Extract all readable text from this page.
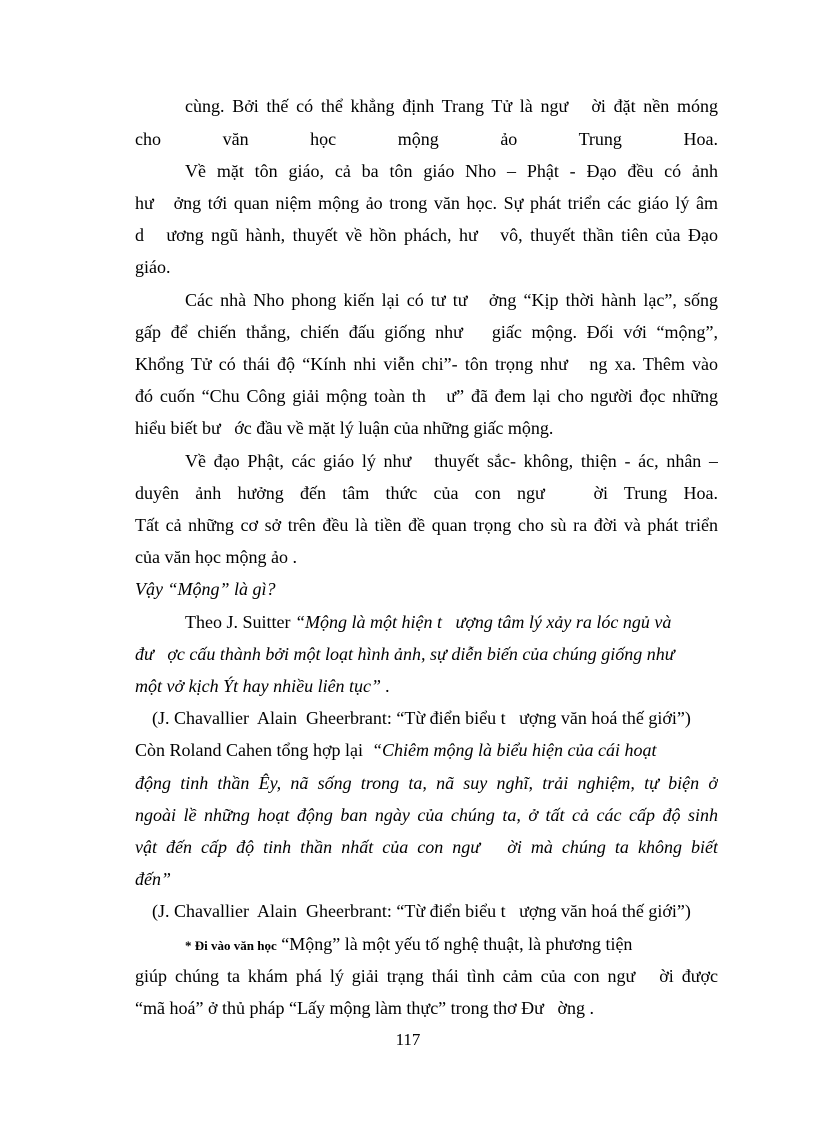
cùng. Bởi thế có thể khẳng định Trang Tử là ngư   ời đặt nền móng
cho văn học mộng ảo Trung Hoa.
Về mặt tôn giáo, cả ba tôn giáo Nho – Phật - Đạo đều có ảnh
hư   ởng tới quan niệm mộng ảo trong văn học. Sự phát triển các giáo lý âm
d   ương ngũ hành, thuyết về hồn phách, hư   vô, thuyết thần tiên của Đạo
giáo.
Các nhà Nho phong kiến lại có tư tư   ởng “Kịp thời hành lạc”, sống
gấp để chiến thắng, chiến đấu giống như   giấc mộng. Đối với “mộng”,
Khổng Tử có thái độ “Kính nhi viễn chi”- tôn trọng như   ng xa. Thêm vào
đó cuốn “Chu Công giải mộng toàn th   ư” đã đem lại cho người đọc những
hiểu biết bư   ớc đầu về mặt lý luận của những giấc mộng.
Về đạo Phật, các giáo lý như   thuyết sắc- không, thiện - ác, nhân –
duyên ảnh hưởng đến tâm thức của con ngư   ời Trung Hoa.
Tất cả những cơ sở trên đều là tiền đề quan trọng cho sù ra đời và phát triển
của văn học mộng ảo .
Vậy “Mộng” là gì?
Theo J. Suitter “Mộng là một hiện t   ượng tâm lý xảy ra lóc ngủ và
đư   ợc cấu thành bởi một loạt hình ảnh, sự diễn biến của chúng giống như
một vở kịch Ýt hay nhiều liên tục” .
(J. Chavallier  Alain  Gheerbrant: “Từ điển biểu t   ượng văn hoá thế giới”)
Còn Roland Cahen tổng hợp lại “Chiêm mộng là biểu hiện của cái hoạt
động tinh thần Êy, nã sống trong ta, nã suy nghĩ, trải nghiệm, tự biện ở
ngoài lề những hoạt động ban ngày của chúng ta, ở tất cả các cấp độ sinh
vật đến cấp độ tinh thần nhất của con ngư   ời mà chúng ta không biết
đến”
(J. Chavallier  Alain  Gheerbrant: “Từ điển biểu t   ượng văn hoá thế giới”)
* Đi vào văn học “Mộng” là một yếu tố nghệ thuật, là phương tiện
giúp chúng ta khám phá lý giải trạng thái tình cảm của con ngư   ời được
“mã hoá” ở thủ pháp “Lấy mộng làm thực” trong thơ Đư   ờng .
117
